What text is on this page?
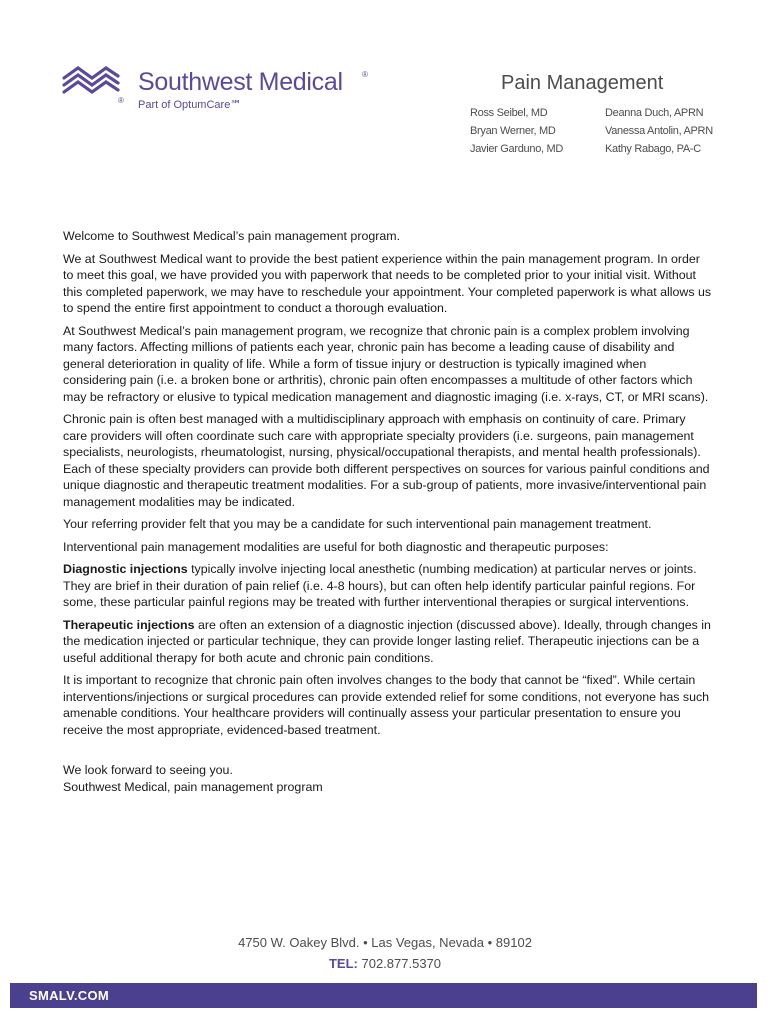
®
Southwest Medical ®
Part of OptumCare℠
Pain Management
Ross Seibel, MD
Bryan Werner, MD
Javier Garduno, MD
Deanna Duch, APRN
Vanessa Antolin, APRN
Kathy Rabago, PA-C

Welcome to Southwest Medical’s pain management program.

We at Southwest Medical want to provide the best patient experience within the pain management program. In order to meet this goal, we have provided you with paperwork that needs to be completed prior to your initial visit. Without this completed paperwork, we may have to reschedule your appointment. Your completed paperwork is what allows us to spend the entire first appointment to conduct a thorough evaluation.

At Southwest Medical’s pain management program, we recognize that chronic pain is a complex problem involving many factors. Affecting millions of patients each year, chronic pain has become a leading cause of disability and general deterioration in quality of life. While a form of tissue injury or destruction is typically imagined when considering pain (i.e. a broken bone or arthritis), chronic pain often encompasses a multitude of other factors which may be refractory or elusive to typical medication management and diagnostic imaging (i.e. x-rays, CT, or MRI scans).

Chronic pain is often best managed with a multidisciplinary approach with emphasis on continuity of care. Primary care providers will often coordinate such care with appropriate specialty providers (i.e. surgeons, pain management specialists, neurologists, rheumatologist, nursing, physical/occupational therapists, and mental health professionals). Each of these specialty providers can provide both different perspectives on sources for various painful conditions and unique diagnostic and therapeutic treatment modalities. For a sub-group of patients, more invasive/interventional pain management modalities may be indicated.

Your referring provider felt that you may be a candidate for such interventional pain management treatment.

Interventional pain management modalities are useful for both diagnostic and therapeutic purposes:

Diagnostic injections typically involve injecting local anesthetic (numbing medication) at particular nerves or joints. They are brief in their duration of pain relief (i.e. 4-8 hours), but can often help identify particular painful regions. For some, these particular painful regions may be treated with further interventional therapies or surgical interventions.

Therapeutic injections are often an extension of a diagnostic injection (discussed above). Ideally, through changes in the medication injected or particular technique, they can provide longer lasting relief. Therapeutic injections can be a useful additional therapy for both acute and chronic pain conditions.

It is important to recognize that chronic pain often involves changes to the body that cannot be “fixed”. While certain interventions/injections or surgical procedures can provide extended relief for some conditions, not everyone has such amenable conditions. Your healthcare providers will continually assess your particular presentation to ensure you receive the most appropriate, evidenced-based treatment.

We look forward to seeing you.
Southwest Medical, pain management program
4750 W. Oakey Blvd. • Las Vegas, Nevada • 89102
TEL: 702.877.5370
SMALV.COM
